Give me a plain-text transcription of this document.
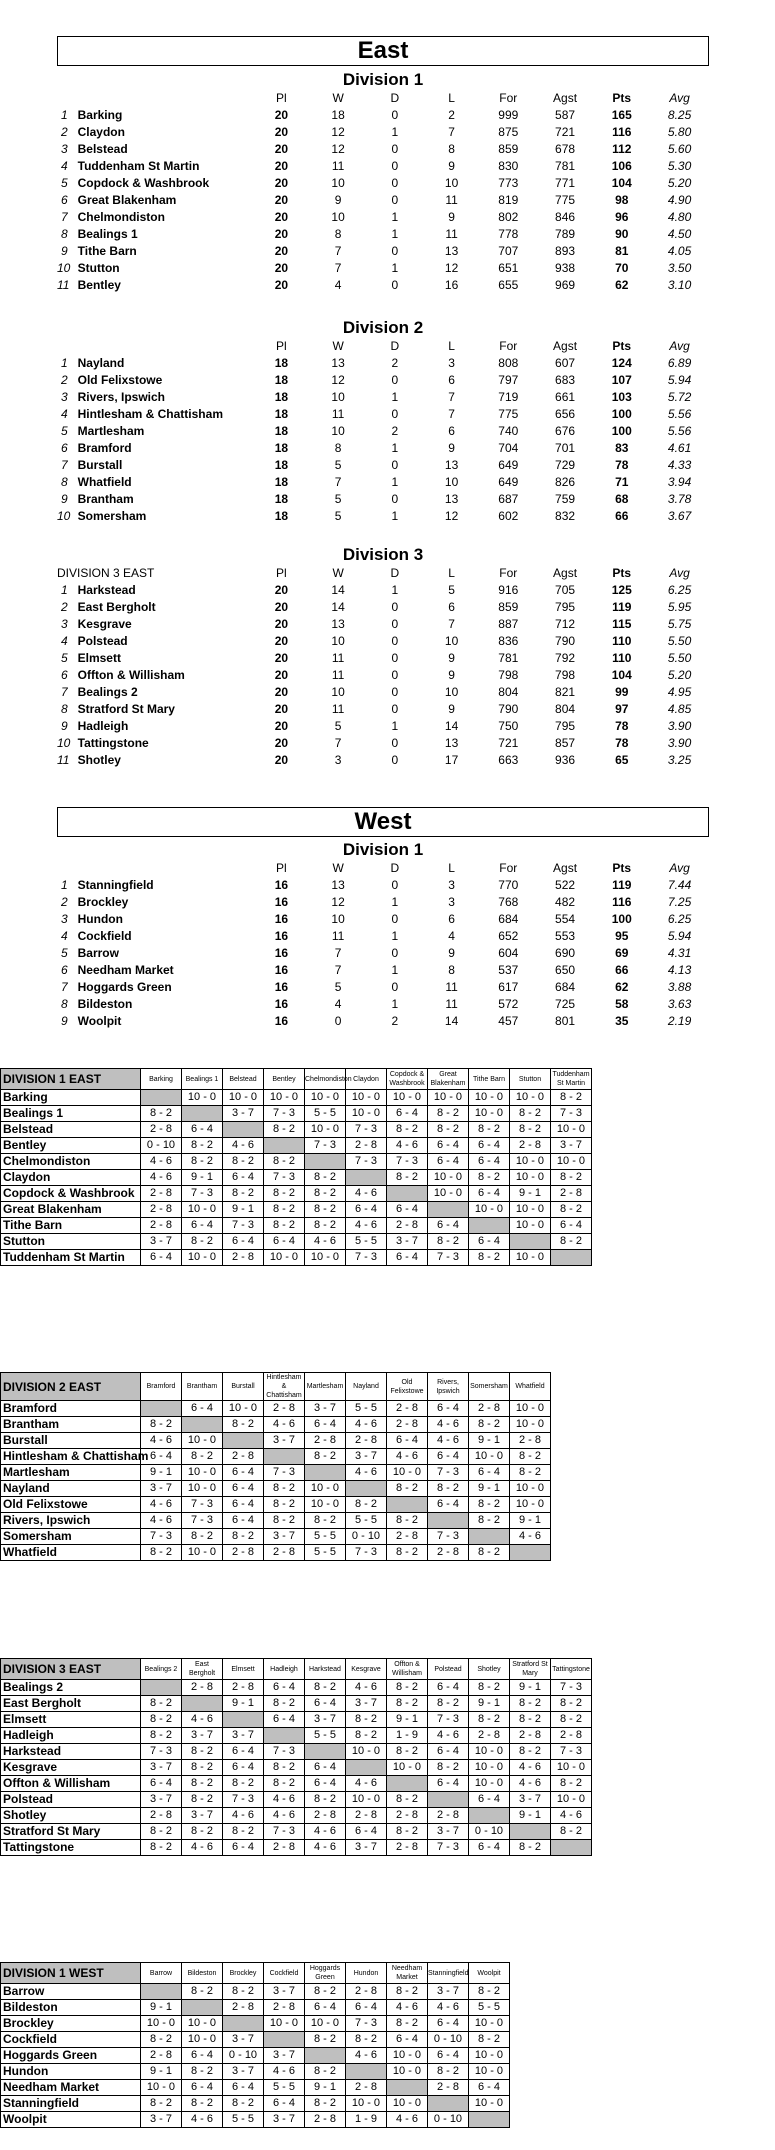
East
West
Division 1									
		Pl	W	D	L	For	Agst	Pts	Avg
1	Barking	20	18	0	2	999	587	165	8.25
2	Claydon	20	12	1	7	875	721	116	5.80
3	Belstead	20	12	0	8	859	678	112	5.60
4	Tuddenham St Martin	20	11	0	9	830	781	106	5.30
5	Copdock & Washbrook	20	10	0	10	773	771	104	5.20
6	Great Blakenham	20	9	0	11	819	775	98	4.90
7	Chelmondiston	20	10	1	9	802	846	96	4.80
8	Bealings 1	20	8	1	11	778	789	90	4.50
9	Tithe Barn	20	7	0	13	707	893	81	4.05
10	Stutton	20	7	1	12	651	938	70	3.50
11	Bentley	20	4	0	16	655	969	62	3.10
Division 2									
		Pl	W	D	L	For	Agst	Pts	Avg
1	Nayland	18	13	2	3	808	607	124	6.89
2	Old Felixstowe	18	12	0	6	797	683	107	5.94
3	Rivers, Ipswich	18	10	1	7	719	661	103	5.72
4	Hintlesham & Chattisham	18	11	0	7	775	656	100	5.56
5	Martlesham	18	10	2	6	740	676	100	5.56
6	Bramford	18	8	1	9	704	701	83	4.61
7	Burstall	18	5	0	13	649	729	78	4.33
8	Whatfield	18	7	1	10	649	826	71	3.94
9	Brantham	18	5	0	13	687	759	68	3.78
10	Somersham	18	5	1	12	602	832	66	3.67
Division 3									
DIVISION 3 EAST		Pl	W	D	L	For	Agst	Pts	Avg
1	Harkstead	20	14	1	5	916	705	125	6.25
2	East Bergholt	20	14	0	6	859	795	119	5.95
3	Kesgrave	20	13	0	7	887	712	115	5.75
4	Polstead	20	10	0	10	836	790	110	5.50
5	Elmsett	20	11	0	9	781	792	110	5.50
6	Offton & Willisham	20	11	0	9	798	798	104	5.20
7	Bealings 2	20	10	0	10	804	821	99	4.95
8	Stratford St Mary	20	11	0	9	790	804	97	4.85
9	Hadleigh	20	5	1	14	750	795	78	3.90
10	Tattingstone	20	7	0	13	721	857	78	3.90
11	Shotley	20	3	0	17	663	936	65	3.25
Division 1									
		Pl	W	D	L	For	Agst	Pts	Avg
1	Stanningfield	16	13	0	3	770	522	119	7.44
2	Brockley	16	12	1	3	768	482	116	7.25
3	Hundon	16	10	0	6	684	554	100	6.25
4	Cockfield	16	11	1	4	652	553	95	5.94
5	Barrow	16	7	0	9	604	690	69	4.31
6	Needham Market	16	7	1	8	537	650	66	4.13
7	Hoggards Green	16	5	0	11	617	684	62	3.88
8	Bildeston	16	4	1	11	572	725	58	3.63
9	Woolpit	16	0	2	14	457	801	35	2.19
DIVISION 1 EAST	Barking	Bealings 1	Belstead	Bentley	Chelmondiston	Claydon	Copdock & Washbrook	Great Blakenham	Tithe Barn	Stutton	Tuddenham St Martin
Barking		10 - 0	10 - 0	10 - 0	10 - 0	10 - 0	10 - 0	10 - 0	10 - 0	10 - 0	8 - 2
Bealings 1	8 - 2		3 - 7	7 - 3	5 - 5	10 - 0	6 - 4	8 - 2	10 - 0	8 - 2	7 - 3
Belstead	2 - 8	6 - 4		8 - 2	10 - 0	7 - 3	8 - 2	8 - 2	8 - 2	8 - 2	10 - 0
Bentley	0 - 10	8 - 2	4 - 6		7 - 3	2 - 8	4 - 6	6 - 4	6 - 4	2 - 8	3 - 7
Chelmondiston	4 - 6	8 - 2	8 - 2	8 - 2		7 - 3	7 - 3	6 - 4	6 - 4	10 - 0	10 - 0
Claydon	4 - 6	9 - 1	6 - 4	7 - 3	8 - 2		8 - 2	10 - 0	8 - 2	10 - 0	8 - 2
Copdock & Washbrook	2 - 8	7 - 3	8 - 2	8 - 2	8 - 2	4 - 6		10 - 0	6 - 4	9 - 1	2 - 8
Great Blakenham	2 - 8	10 - 0	9 - 1	8 - 2	8 - 2	6 - 4	6 - 4		10 - 0	10 - 0	8 - 2
Tithe Barn	2 - 8	6 - 4	7 - 3	8 - 2	8 - 2	4 - 6	2 - 8	6 - 4		10 - 0	6 - 4
Stutton	3 - 7	8 - 2	6 - 4	6 - 4	4 - 6	5 - 5	3 - 7	8 - 2	6 - 4		8 - 2
Tuddenham St Martin	6 - 4	10 - 0	2 - 8	10 - 0	10 - 0	7 - 3	6 - 4	7 - 3	8 - 2	10 - 0	
DIVISION 2 EAST	Bramford	Brantham	Burstall	Hintlesham & Chattisham	Martlesham	Nayland	Old Felixstowe	Rivers, Ipswich	Somersham	Whatfield
Bramford		6 - 4	10 - 0	2 - 8	3 - 7	5 - 5	2 - 8	6 - 4	2 - 8	10 - 0
Brantham	8 - 2		8 - 2	4 - 6	6 - 4	4 - 6	2 - 8	4 - 6	8 - 2	10 - 0
Burstall	4 - 6	10 - 0		3 - 7	2 - 8	2 - 8	6 - 4	4 - 6	9 - 1	2 - 8
Hintlesham & Chattisham	6 - 4	8 - 2	2 - 8		8 - 2	3 - 7	4 - 6	6 - 4	10 - 0	8 - 2
Martlesham	9 - 1	10 - 0	6 - 4	7 - 3		4 - 6	10 - 0	7 - 3	6 - 4	8 - 2
Nayland	3 - 7	10 - 0	6 - 4	8 - 2	10 - 0		8 - 2	8 - 2	9 - 1	10 - 0
Old Felixstowe	4 - 6	7 - 3	6 - 4	8 - 2	10 - 0	8 - 2		6 - 4	8 - 2	10 - 0
Rivers, Ipswich	4 - 6	7 - 3	6 - 4	8 - 2	8 - 2	5 - 5	8 - 2		8 - 2	9 - 1
Somersham	7 - 3	8 - 2	8 - 2	3 - 7	5 - 5	0 - 10	2 - 8	7 - 3		4 - 6
Whatfield	8 - 2	10 - 0	2 - 8	2 - 8	5 - 5	7 - 3	8 - 2	2 - 8	8 - 2	
DIVISION 3 EAST	Bealings 2	East Bergholt	Elmsett	Hadleigh	Harkstead	Kesgrave	Offton & Willisham	Polstead	Shotley	Stratford St Mary	Tattingstone
Bealings 2		2 - 8	2 - 8	6 - 4	8 - 2	4 - 6	8 - 2	6 - 4	8 - 2	9 - 1	7 - 3
East Bergholt	8 - 2		9 - 1	8 - 2	6 - 4	3 - 7	8 - 2	8 - 2	9 - 1	8 - 2	8 - 2
Elmsett	8 - 2	4 - 6		6 - 4	3 - 7	8 - 2	9 - 1	7 - 3	8 - 2	8 - 2	8 - 2
Hadleigh	8 - 2	3 - 7	3 - 7		5 - 5	8 - 2	1 - 9	4 - 6	2 - 8	2 - 8	2 - 8
Harkstead	7 - 3	8 - 2	6 - 4	7 - 3		10 - 0	8 - 2	6 - 4	10 - 0	8 - 2	7 - 3
Kesgrave	3 - 7	8 - 2	6 - 4	8 - 2	6 - 4		10 - 0	8 - 2	10 - 0	4 - 6	10 - 0
Offton & Willisham	6 - 4	8 - 2	8 - 2	8 - 2	6 - 4	4 - 6		6 - 4	10 - 0	4 - 6	8 - 2
Polstead	3 - 7	8 - 2	7 - 3	4 - 6	8 - 2	10 - 0	8 - 2		6 - 4	3 - 7	10 - 0
Shotley	2 - 8	3 - 7	4 - 6	4 - 6	2 - 8	2 - 8	2 - 8	2 - 8		9 - 1	4 - 6
Stratford St Mary	8 - 2	8 - 2	8 - 2	7 - 3	4 - 6	6 - 4	8 - 2	3 - 7	0 - 10		8 - 2
Tattingstone	8 - 2	4 - 6	6 - 4	2 - 8	4 - 6	3 - 7	2 - 8	7 - 3	6 - 4	8 - 2	
DIVISION 1 WEST	Barrow	Bildeston	Brockley	Cockfield	Hoggards Green	Hundon	Needham Market	Stanningfield	Woolpit
Barrow		8 - 2	8 - 2	3 - 7	8 - 2	2 - 8	8 - 2	3 - 7	8 - 2
Bildeston	9 - 1		2 - 8	2 - 8	6 - 4	6 - 4	4 - 6	4 - 6	5 - 5
Brockley	10 - 0	10 - 0		10 - 0	10 - 0	7 - 3	8 - 2	6 - 4	10 - 0
Cockfield	8 - 2	10 - 0	3 - 7		8 - 2	8 - 2	6 - 4	0 - 10	8 - 2
Hoggards Green	2 - 8	6 - 4	0 - 10	3 - 7		4 - 6	10 - 0	6 - 4	10 - 0
Hundon	9 - 1	8 - 2	3 - 7	4 - 6	8 - 2		10 - 0	8 - 2	10 - 0
Needham Market	10 - 0	6 - 4	6 - 4	5 - 5	9 - 1	2 - 8		2 - 8	6 - 4
Stanningfield	8 - 2	8 - 2	8 - 2	6 - 4	8 - 2	10 - 0	10 - 0		10 - 0
Woolpit	3 - 7	4 - 6	5 - 5	3 - 7	2 - 8	1 - 9	4 - 6	0 - 10	
